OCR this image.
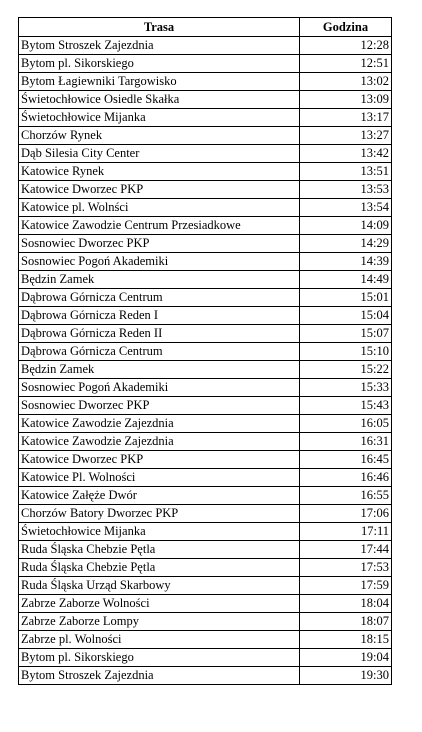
Trasa	Godzina
Bytom Stroszek Zajezdnia	12:28
Bytom pl. Sikorskiego	12:51
Bytom Łagiewniki Targowisko	13:02
Świetochłowice Osiedle Skałka	13:09
Świetochłowice Mijanka	13:17
Chorzów Rynek	13:27
Dąb Silesia City Center	13:42
Katowice Rynek	13:51
Katowice Dworzec PKP	13:53
Katowice pl. Wolnści	13:54
Katowice Zawodzie Centrum Przesiadkowe	14:09
Sosnowiec Dworzec PKP	14:29
Sosnowiec Pogoń Akademiki	14:39
Będzin Zamek	14:49
Dąbrowa Górnicza Centrum	15:01
Dąbrowa Górnicza Reden I	15:04
Dąbrowa Górnicza Reden II	15:07
Dąbrowa Górnicza Centrum	15:10
Będzin Zamek	15:22
Sosnowiec Pogoń Akademiki	15:33
Sosnowiec Dworzec PKP	15:43
Katowice Zawodzie Zajezdnia	16:05
Katowice Zawodzie Zajezdnia	16:31
Katowice Dworzec PKP	16:45
Katowice Pl. Wolności	16:46
Katowice Załęże Dwór	16:55
Chorzów Batory Dworzec PKP	17:06
Świetochłowice Mijanka	17:11
Ruda Śląska Chebzie Pętla	17:44
Ruda Śląska Chebzie Pętla	17:53
Ruda Śląska Urząd Skarbowy	17:59
Zabrze Zaborze Wolności	18:04
Zabrze Zaborze Lompy	18:07
Zabrze pl. Wolności	18:15
Bytom pl. Sikorskiego	19:04
Bytom Stroszek Zajezdnia	19:30
